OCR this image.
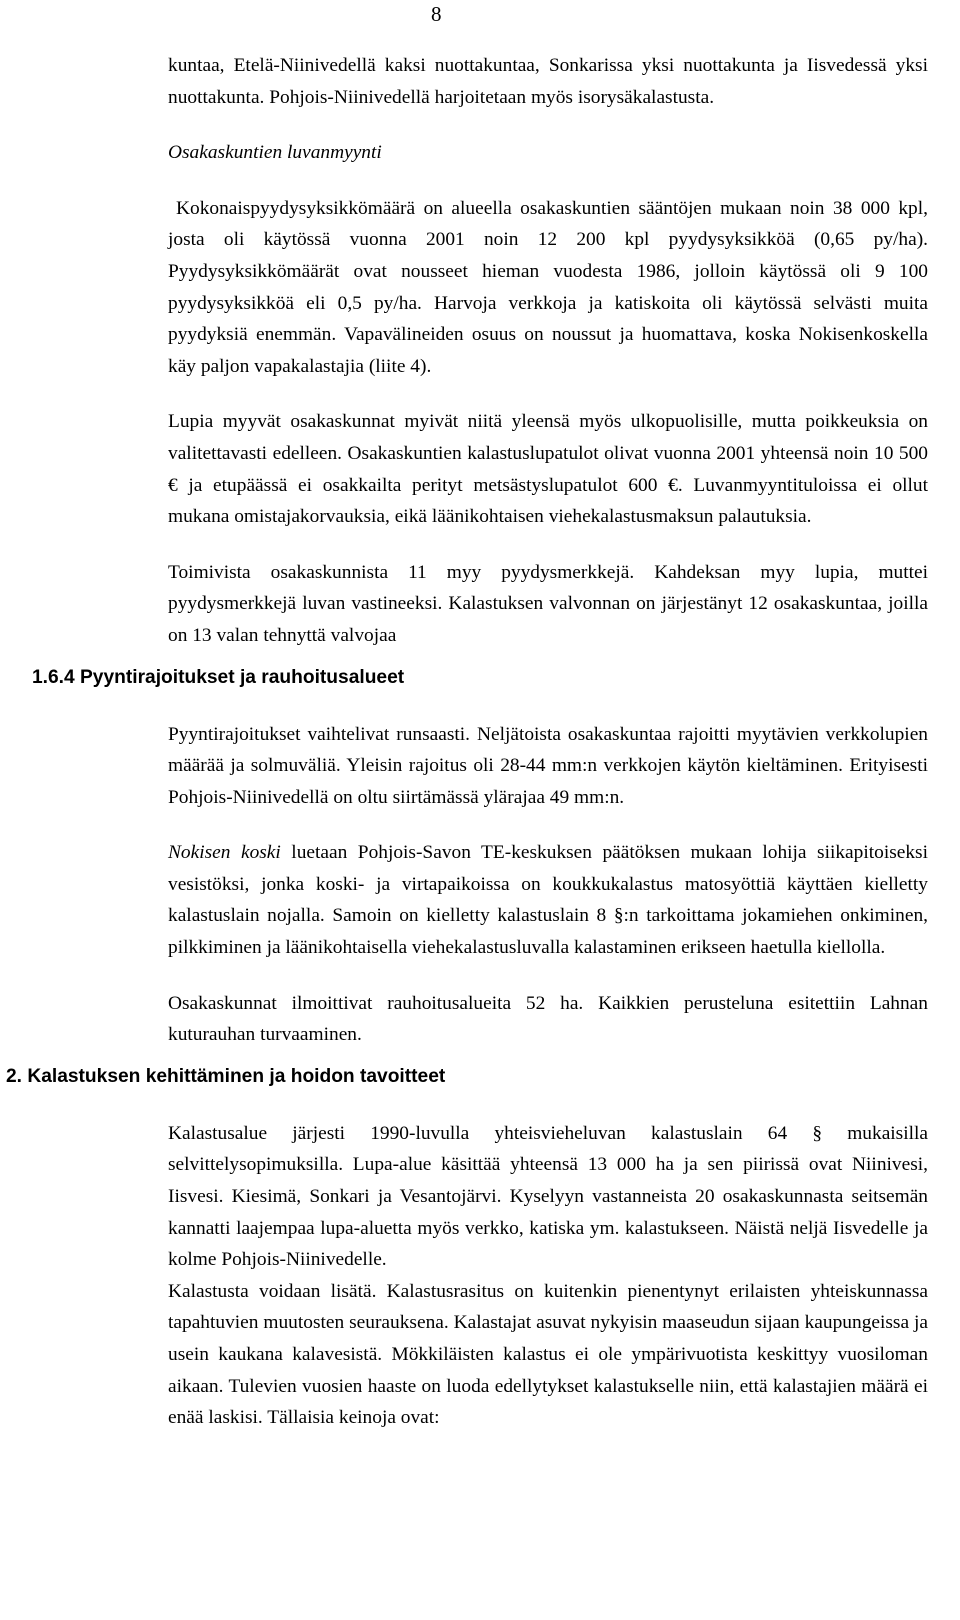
8

kuntaa, Etelä-Niinivedellä kaksi nuottakuntaa, Sonkarissa yksi nuottakunta ja Iisvedessä yksi nuottakunta. Pohjois-Niinivedellä harjoitetaan myös isorysäkalastusta.

Osakaskuntien luvanmyynti

Kokonaispyydysyksikkömäärä on alueella osakaskuntien sääntöjen mukaan noin 38 000 kpl, josta oli käytössä vuonna 2001 noin 12 200 kpl pyydysyksikköä (0,65 py/ha). Pyydysyksikkömäärät ovat nousseet hieman vuodesta 1986, jolloin käytössä oli 9 100 pyydysyksikköä eli 0,5 py/ha. Harvoja verkkoja ja katiskoita oli käytössä selvästi muita pyydyksiä enemmän. Vapavälineiden osuus on noussut ja huomattava, koska Nokisenkoskella käy paljon vapakalastajia (liite 4).

Lupia myyvät osakaskunnat myivät niitä yleensä myös ulkopuolisille, mutta poikkeuksia on valitettavasti edelleen. Osakaskuntien kalastuslupatulot olivat vuonna 2001 yhteensä noin 10 500 € ja etupäässä ei osakkailta perityt metsästyslupatulot 600 €. Luvanmyyntituloissa ei ollut mukana omistajakorvauksia, eikä läänikohtaisen viehekalastusmaksun palautuksia.

Toimivista osakaskunnista 11 myy pyydysmerkkejä. Kahdeksan myy lupia, muttei pyydysmerkkejä luvan vastineeksi. Kalastuksen valvonnan on järjestänyt 12 osakaskuntaa, joilla on 13 valan tehnyttä valvojaa

1.6.4 Pyyntirajoitukset ja rauhoitusalueet

Pyyntirajoitukset vaihtelivat runsaasti. Neljätoista osakaskuntaa rajoitti myytävien verkkolupien määrää ja solmuväliä. Yleisin rajoitus oli 28-44 mm:n verkkojen käytön kieltäminen. Erityisesti Pohjois-Niinivedellä on oltu siirtämässä ylärajaa 49 mm:n.

Nokisen koski luetaan Pohjois-Savon TE-keskuksen päätöksen mukaan lohija siikapitoiseksi vesistöksi, jonka koski- ja virtapaikoissa on koukkukalastus matosyöttiä käyttäen kielletty kalastuslain nojalla. Samoin on kielletty kalastuslain 8 §:n tarkoittama jokamiehen onkiminen, pilkkiminen ja läänikohtaisella viehekalastusluvalla kalastaminen erikseen haetulla kiellolla.

Osakaskunnat ilmoittivat rauhoitusalueita 52 ha. Kaikkien perusteluna esitettiin Lahnan kuturauhan turvaaminen.

2. Kalastuksen kehittäminen ja hoidon tavoitteet

Kalastusalue järjesti 1990-luvulla yhteisvieheluvan kalastuslain 64 § mukaisilla selvittelysopimuksilla. Lupa-alue käsittää yhteensä 13 000 ha ja sen piirissä ovat Niinivesi, Iisvesi. Kiesimä, Sonkari ja Vesantojärvi. Kyselyyn vastanneista 20 osakaskunnasta seitsemän kannatti laajempaa lupa-aluetta myös verkko, katiska ym. kalastukseen. Näistä neljä Iisvedelle ja kolme Pohjois-Niinivedelle.

Kalastusta voidaan lisätä. Kalastusrasitus on kuitenkin pienentynyt erilaisten yhteiskunnassa tapahtuvien muutosten seurauksena. Kalastajat asuvat nykyisin maaseudun sijaan kaupungeissa ja usein kaukana kalavesistä. Mökkiläisten kalastus ei ole ympärivuotista keskittyy vuosiloman aikaan. Tulevien vuosien haaste on luoda edellytykset kalastukselle niin, että kalastajien määrä ei enää laskisi. Tällaisia keinoja ovat:
